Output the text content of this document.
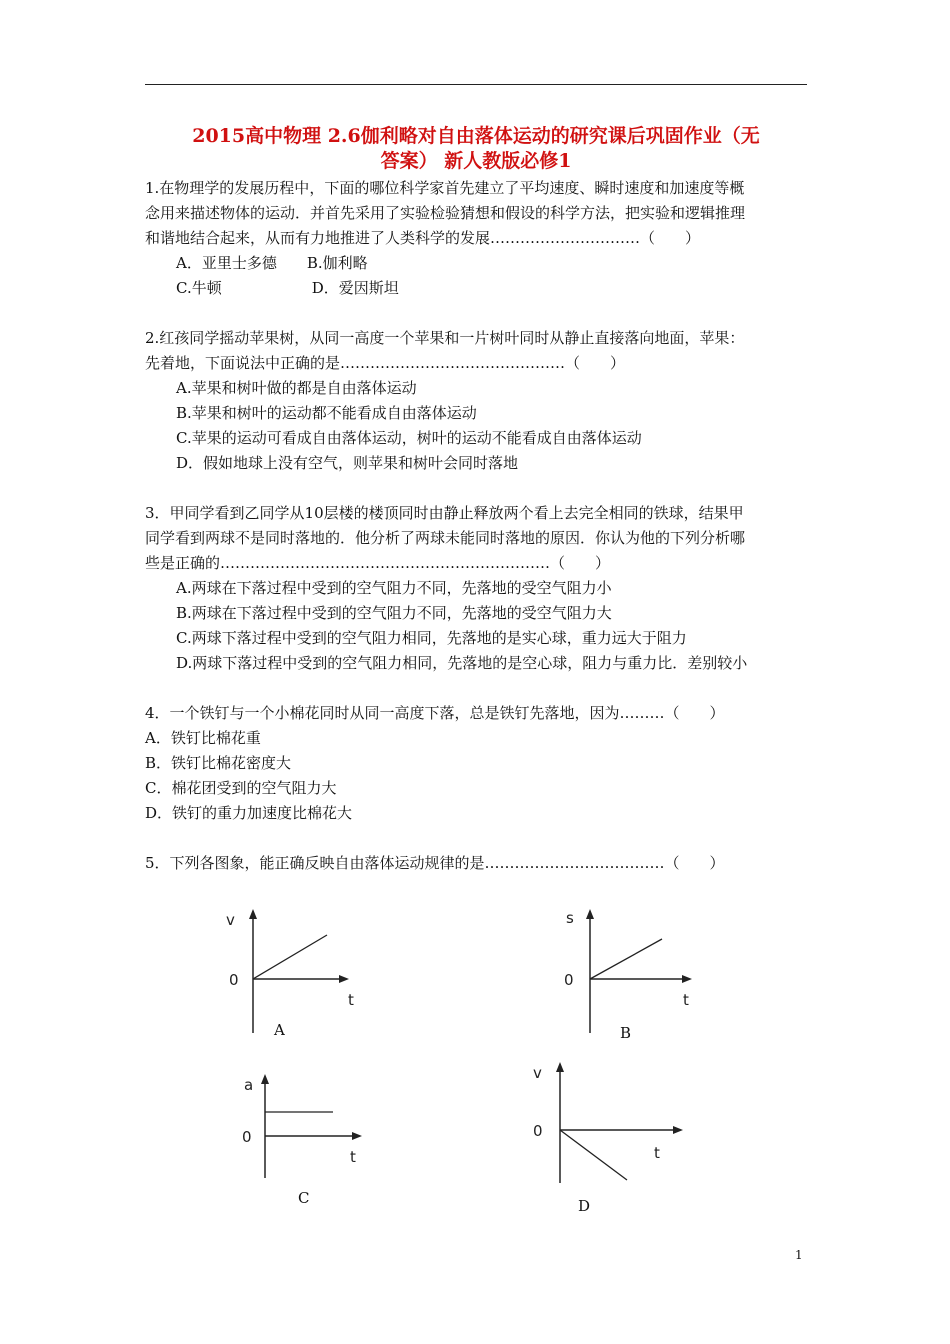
2015高中物理 2.6伽利略对自由落体运动的研究课后巩固作业（无
答案） 新人教版必修1
1.在物理学的发展历程中，下面的哪位科学家首先建立了平均速度、瞬时速度和加速度等概
念用来描述物体的运动．并首先采用了实验检验猜想和假设的科学方法，把实验和逻辑推理
和谐地结合起来，从而有力地推进了人类科学的发展…………………………（　　）
A．亚里士多德　　B.伽利略
C.牛顿　　　　　　D．爱因斯坦
2.红孩同学摇动苹果树，从同一高度一个苹果和一片树叶同时从静止直接落向地面，苹果：
先着地，下面说法中正确的是………………………………………（　　）
A.苹果和树叶做的都是自由落体运动
B.苹果和树叶的运动都不能看成自由落体运动
C.苹果的运动可看成自由落体运动，树叶的运动不能看成自由落体运动
D．假如地球上没有空气，则苹果和树叶会同时落地
3．甲同学看到乙同学从10层楼的楼顶同时由静止释放两个看上去完全相同的铁球，结果甲
同学看到两球不是同时落地的．他分析了两球未能同时落地的原因．你认为他的下列分析哪
些是正确的…………………………………………………………（　　）
A.两球在下落过程中受到的空气阻力不同，先落地的受空气阻力小
B.两球在下落过程中受到的空气阻力不同，先落地的受空气阻力大
C.两球下落过程中受到的空气阻力相同，先落地的是实心球，重力远大于阻力
D.两球下落过程中受到的空气阻力相同，先落地的是空心球，阻力与重力比．差别较小
4．一个铁钉与一个小棉花同时从同一高度下落，总是铁钉先落地，因为………（　　）
A．铁钉比棉花重
B．铁钉比棉花密度大
C．棉花团受到的空气阻力大
D．铁钉的重力加速度比棉花大
5．下列各图象，能正确反映自由落体运动规律的是………………………………（　　）
v
0
t
A
s
0
t
B
a
0
t
C
v
0
t
D
1
